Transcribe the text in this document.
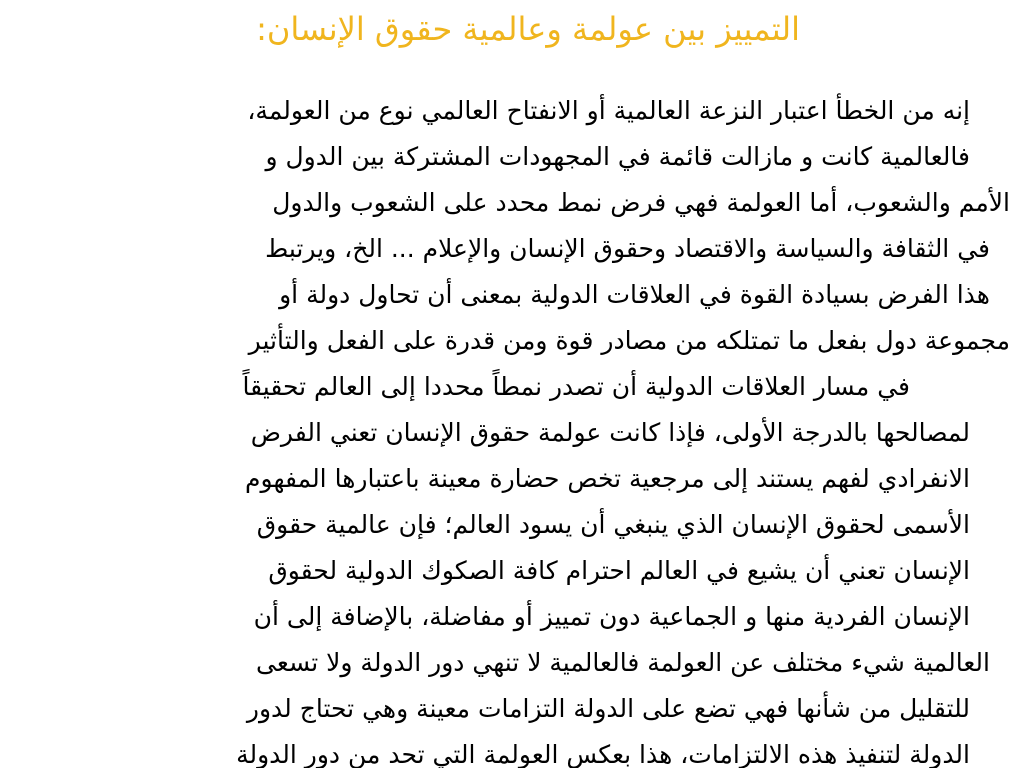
التمييز بين عولمة وعالمية حقوق الإنسان:
إنه من الخطأ اعتبار النزعة العالمية أو الانفتاح العالمي نوع من العولمة،
فالعالمية كانت و مازالت قائمة في المجهودات المشتركة بين الدول و
الأمم والشعوب، أما العولمة فهي فرض نمط محدد على الشعوب والدول
في الثقافة والسياسة والاقتصاد وحقوق الإنسان والإعلام ... الخ، ويرتبط
هذا الفرض بسيادة القوة في العلاقات الدولية بمعنى أن تحاول دولة أو
مجموعة دول بفعل ما تمتلكه من مصادر قوة ومن قدرة على الفعل والتأثير
في مسار العلاقات الدولية أن تصدر نمطاً محددا إلى العالم تحقيقاً
لمصالحها بالدرجة الأولى، فإذا كانت عولمة حقوق الإنسان تعني الفرض
الانفرادي لفهم يستند إلى مرجعية تخص حضارة معينة باعتبارها المفهوم
الأسمى لحقوق الإنسان الذي ينبغي أن يسود العالم؛ فإن عالمية حقوق
الإنسان تعني أن يشيع في العالم احترام كافة الصكوك الدولية لحقوق
الإنسان الفردية منها و الجماعية دون تمييز أو مفاضلة، بالإضافة إلى أن
العالمية شيء مختلف عن العولمة فالعالمية لا تنهي دور الدولة ولا تسعى
للتقليل من شأنها فهي تضع على الدولة التزامات معينة وهي تحتاج لدور
الدولة لتنفيذ هذه الالتزامات، هذا بعكس العولمة التي تحد من دور الدولة
